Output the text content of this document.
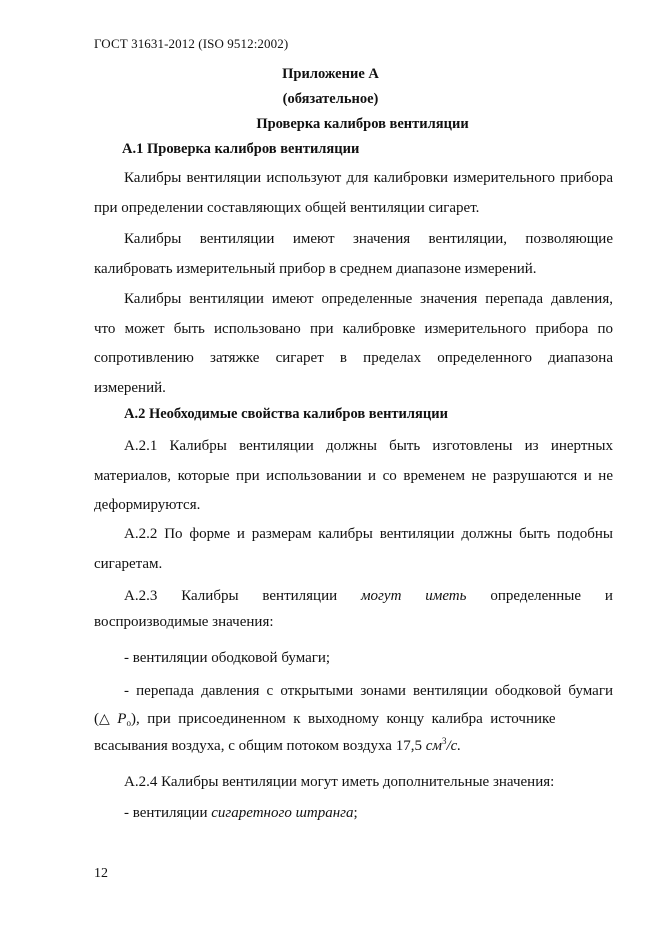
ГОСТ 31631-2012 (ISO 9512:2002)
Приложение А
(обязательное)
Проверка калибров вентиляции
А.1 Проверка калибров вентиляции
Калибры вентиляции используют для калибровки измерительного прибора при определении составляющих общей вентиляции сигарет.
Калибры вентиляции имеют значения вентиляции, позволяющие калибровать измерительный прибор в среднем диапазоне измерений.
Калибры вентиляции имеют определенные значения перепада давления, что может быть использовано при калибровке измерительного прибора по сопротивлению затяжке сигарет в пределах определенного диапазона измерений.
А.2 Необходимые свойства калибров вентиляции
А.2.1 Калибры вентиляции должны быть изготовлены из инертных материалов, которые при использовании и со временем не разрушаются и не деформируются.
А.2.2 По форме и размерам калибры вентиляции должны быть подобны сигаретам.
А.2.3 Калибры вентиляции могут иметь определенные и
воспроизводимые значения:
- вентиляции ободковой бумаги;
- перепада давления с открытыми зонами вентиляции ободковой бумаги
(△ $P_o$),  при  присоединенном  к  выходному  концу  калибра  источнике
всасывания воздуха, с общим потоком воздуха 17,5 $см^3/с$.
А.2.4 Калибры вентиляции могут иметь дополнительные значения:
- вентиляции сигаретного штранга;
12
